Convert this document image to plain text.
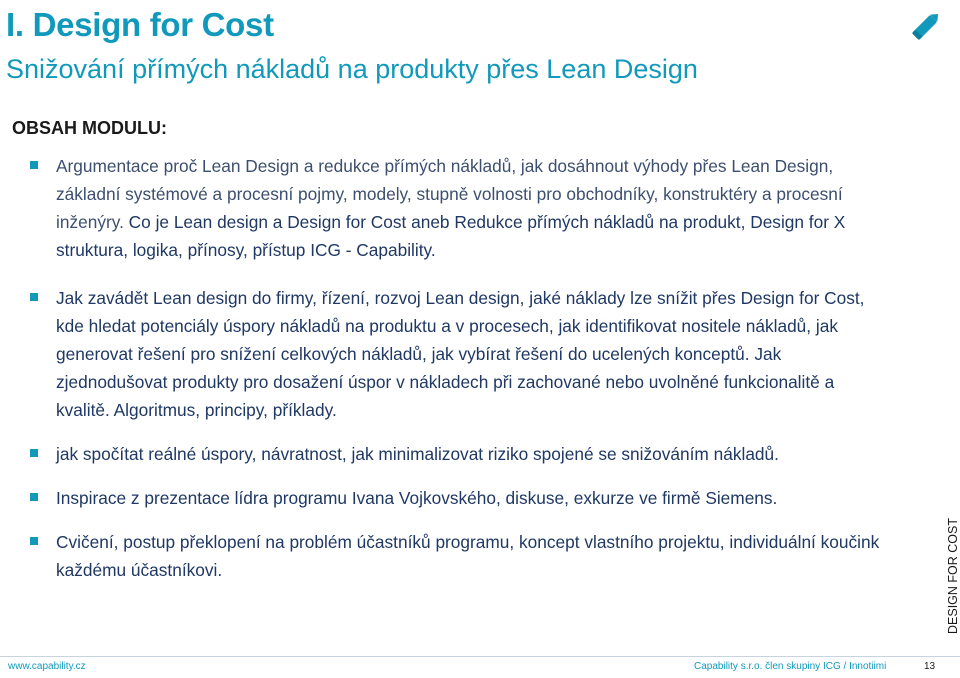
I. Design for Cost
Snižování přímých nákladů na produkty přes Lean Design
OBSAH MODULU:
Argumentace proč Lean Design a redukce přímých nákladů, jak dosáhnout výhody přes Lean Design, základní systémové a procesní pojmy, modely, stupně volnosti pro obchodníky, konstruktéry a procesní inženýry. Co je Lean design a Design for Cost aneb Redukce přímých nákladů na produkt, Design for X struktura, logika, přínosy, přístup ICG - Capability.
Jak zavádět Lean design do firmy, řízení, rozvoj Lean design, jaké náklady lze snížit přes Design for Cost, kde hledat potenciály úspory nákladů na produktu a v procesech, jak identifikovat nositele nákladů, jak generovat řešení pro snížení celkových nákladů, jak vybírat řešení do ucelených konceptů. Jak zjednodušovat produkty pro dosažení úspor v nákladech při zachované nebo uvolněné funkcionalitě a kvalitě. Algoritmus, principy, příklady.
jak spočítat reálné úspory, návratnost, jak minimalizovat riziko spojené se snižováním nákladů.
Inspirace z prezentace lídra programu Ivana Vojkovského, diskuse, exkurze ve firmě Siemens.
Cvičení, postup překlopení na problém účastníků programu, koncept vlastního projektu, individuální koučink každému účastníkovi.	DESIGN FOR COST
www.capability.cz	Capability s.r.o. člen skupiny ICG / Innotiimi	13
